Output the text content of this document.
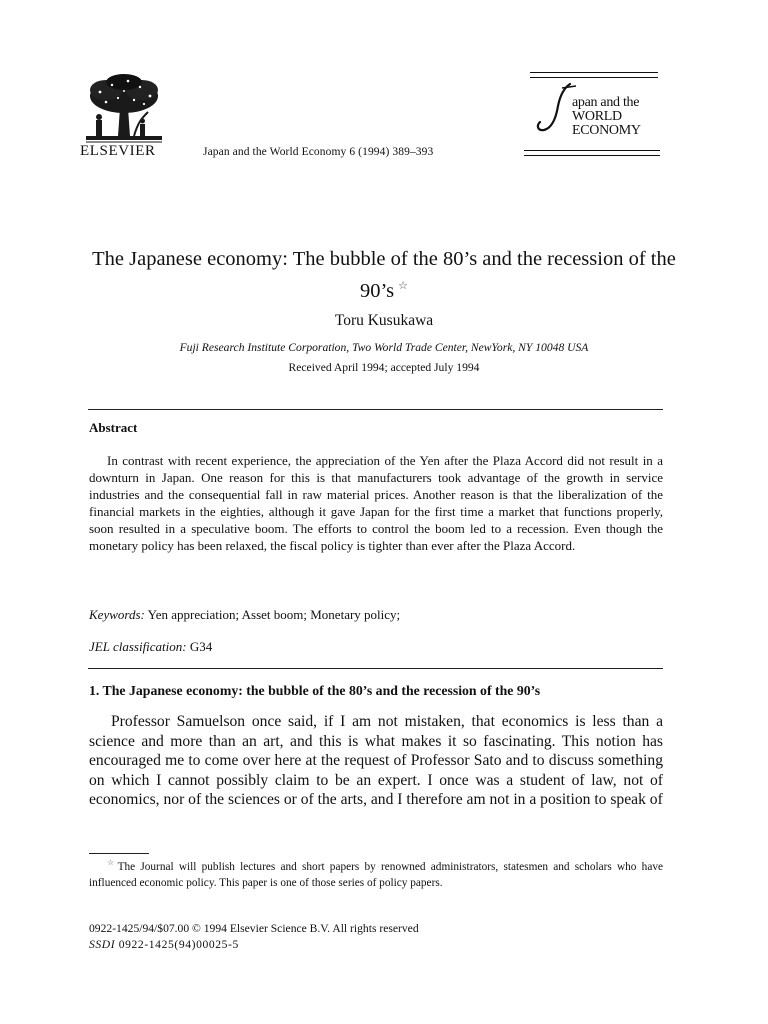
ELSEVIER	Japan and the World Economy 6 (1994) 389–393
apan and the
WORLD
ECONOMY
The Japanese economy: The bubble of the 80’s and the recession of the 90’s ☆
Toru Kusukawa
Fuji Research Institute Corporation, Two World Trade Center, NewYork, NY 10048 USA
Received April 1994; accepted July 1994
Abstract

In contrast with recent experience, the appreciation of the Yen after the Plaza Accord did not result in a downturn in Japan. One reason for this is that manufacturers took advantage of the growth in service industries and the consequential fall in raw material prices. Another reason is that the liberalization of the financial markets in the eighties, although it gave Japan for the first time a market that functions properly, soon resulted in a speculative boom. The efforts to control the boom led to a recession. Even though the monetary policy has been relaxed, the fiscal policy is tighter than ever after the Plaza Accord.

Keywords: Yen appreciation; Asset boom; Monetary policy;
JEL classification: G34
1. The Japanese economy: the bubble of the 80’s and the recession of the 90’s

Professor Samuelson once said, if I am not mistaken, that economics is less than a science and more than an art, and this is what makes it so fascinating. This notion has encouraged me to come over here at the request of Professor Sato and to discuss something on which I cannot possibly claim to be an expert. I once was a student of law, not of economics, nor of the sciences or of the arts, and I therefore am not in a position to speak of

☆The Journal will publish lectures and short papers by renowned administrators, statesmen and scholars who have influenced economic policy. This paper is one of those series of policy papers.

0922-1425/94/$07.00 © 1994 Elsevier Science B.V. All rights reserved
SSDI 0922-1425(94)00025-5
